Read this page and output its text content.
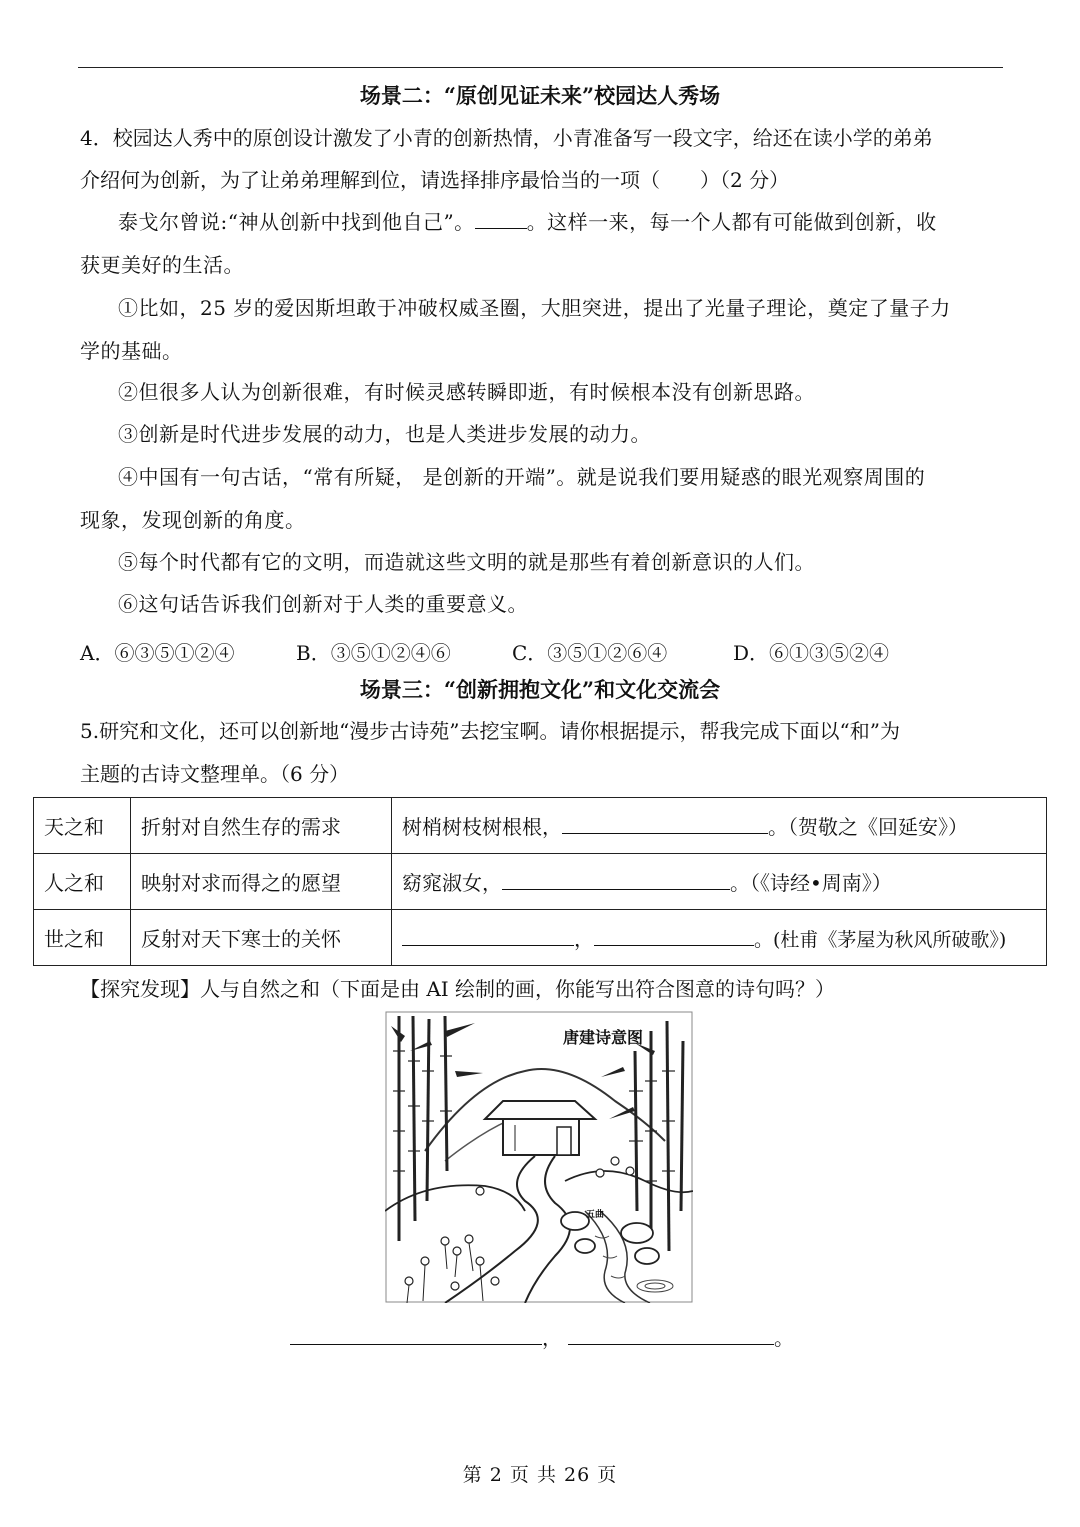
场景二：“原创见证未来”校园达人秀场
4．校园达人秀中的原创设计激发了小青的创新热情，小青准备写一段文字，给还在读小学的弟弟
介绍何为创新，为了让弟弟理解到位，请选择排序最恰当的一项（　　）（2 分）
泰戈尔曾说:“神从创新中找到他自己”。	。这样一来，每一个人都有可能做到创新，收
获更美好的生活。
①比如，25 岁的爱因斯坦敢于冲破权威圣圈，大胆突进，提出了光量子理论，奠定了量子力
学的基础。
②但很多人认为创新很难，有时候灵感转瞬即逝，有时候根本没有创新思路。
③创新是时代进步发展的动力，也是人类进步发展的动力。
④中国有一句古话，“常有所疑， 是创新的开端”。就是说我们要用疑惑的眼光观察周围的
现象，发现创新的角度。
⑤每个时代都有它的文明，而造就这些文明的就是那些有着创新意识的人们。
⑥这句话告诉我们创新对于人类的重要意义。
A．⑥③⑤①②④	B．③⑤①②④⑥	C．③⑤①②⑥④	D．⑥①③⑤②④
场景三：“创新拥抱文化”和文化交流会
5.研究和文化，还可以创新地“漫步古诗苑”去挖宝啊。请你根据提示，帮我完成下面以“和”为
主题的古诗文整理单。（6 分）
天之和	折射对自然生存的需求	树梢树枝树根根， 。（贺敬之《回延安》）
人之和	映射对求而得之的愿望	窈窕淑女， 。（《诗经•周南》）
世之和	反射对天下寒士的关怀	， 。(杜甫《茅屋为秋风所破歌》)
【探究发现】人与自然之和（下面是由 AI 绘制的画，你能写出符合图意的诗句吗？）
唐建诗意图
五曲
，	。
第 2 页 共 26 页
